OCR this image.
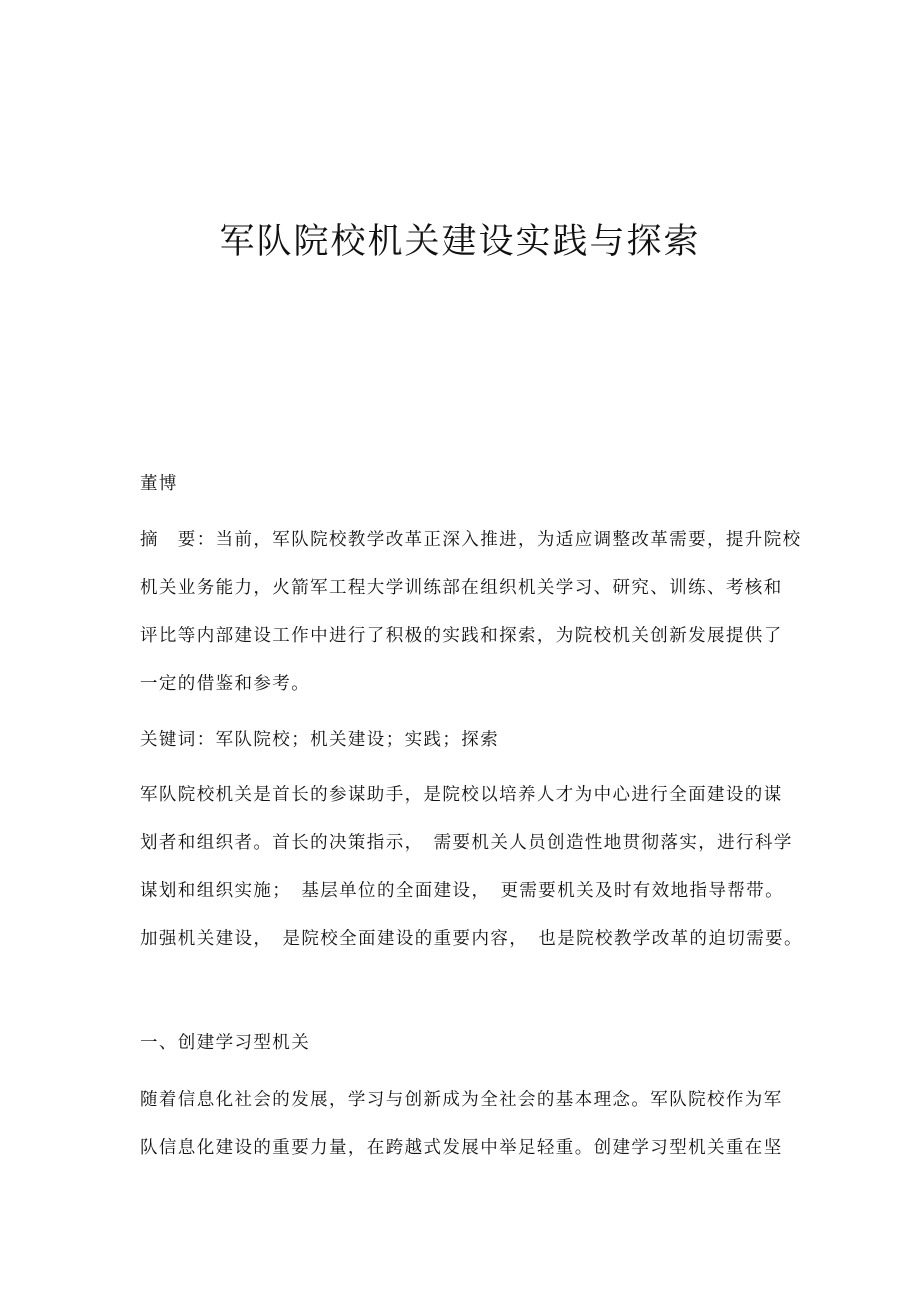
军队院校机关建设实践与探索
董博
摘　要：当前，军队院校教学改革正深入推进，为适应调整改革需要，提升院校
机关业务能力，火箭军工程大学训练部在组织机关学习、研究、训练、考核和
评比等内部建设工作中进行了积极的实践和探索，为院校机关创新发展提供了
一定的借鉴和参考。
关键词：军队院校；机关建设；实践；探索
军队院校机关是首长的参谋助手，是院校以培养人才为中心进行全面建设的谋
划者和组织者。首长的决策指示，　需要机关人员创造性地贯彻落实，进行科学
谋划和组织实施；　基层单位的全面建设，　更需要机关及时有效地指导帮带。
加强机关建设，　是院校全面建设的重要内容，　也是院校教学改革的迫切需要。
一、创建学习型机关
随着信息化社会的发展，学习与创新成为全社会的基本理念。军队院校作为军
队信息化建设的重要力量，在跨越式发展中举足轻重。创建学习型机关重在坚
